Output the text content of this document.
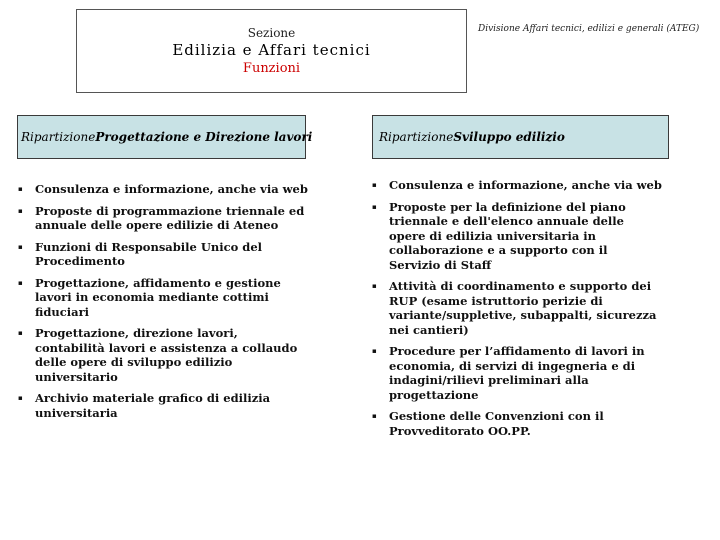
Sezione
Edilizia e Affari tecnici
Funzioni
Divisione Affari tecnici, edilizi e generali (ATEG)
Ripartizione Progettazione e Direzione lavori	Ripartizione Sviluppo edilizio
▪ Consulenza e informazione, anche via web
▪ Proposte di programmazione triennale ed annuale delle opere edilizie di Ateneo
▪ Funzioni di Responsabile Unico del Procedimento
▪ Progettazione, affidamento e gestione lavori in economia mediante cottimi fiduciari
▪ Progettazione, direzione lavori, contabilità lavori e assistenza a collaudo delle opere di sviluppo edilizio universitario
▪ Archivio materiale grafico di edilizia universitaria
▪ Consulenza e informazione, anche via web
▪ Proposte per la definizione del piano triennale e dell'elenco annuale delle opere di edilizia universitaria in collaborazione e a supporto con il Servizio di Staff
▪ Attività di coordinamento e supporto dei RUP (esame istruttorio perizie di variante/suppletive, subappalti, sicurezza nei cantieri)
▪ Procedure per l’affidamento di lavori in economia, di servizi di ingegneria e di indagini/rilievi preliminari alla progettazione
▪ Gestione delle Convenzioni con il Provveditorato OO.PP.
